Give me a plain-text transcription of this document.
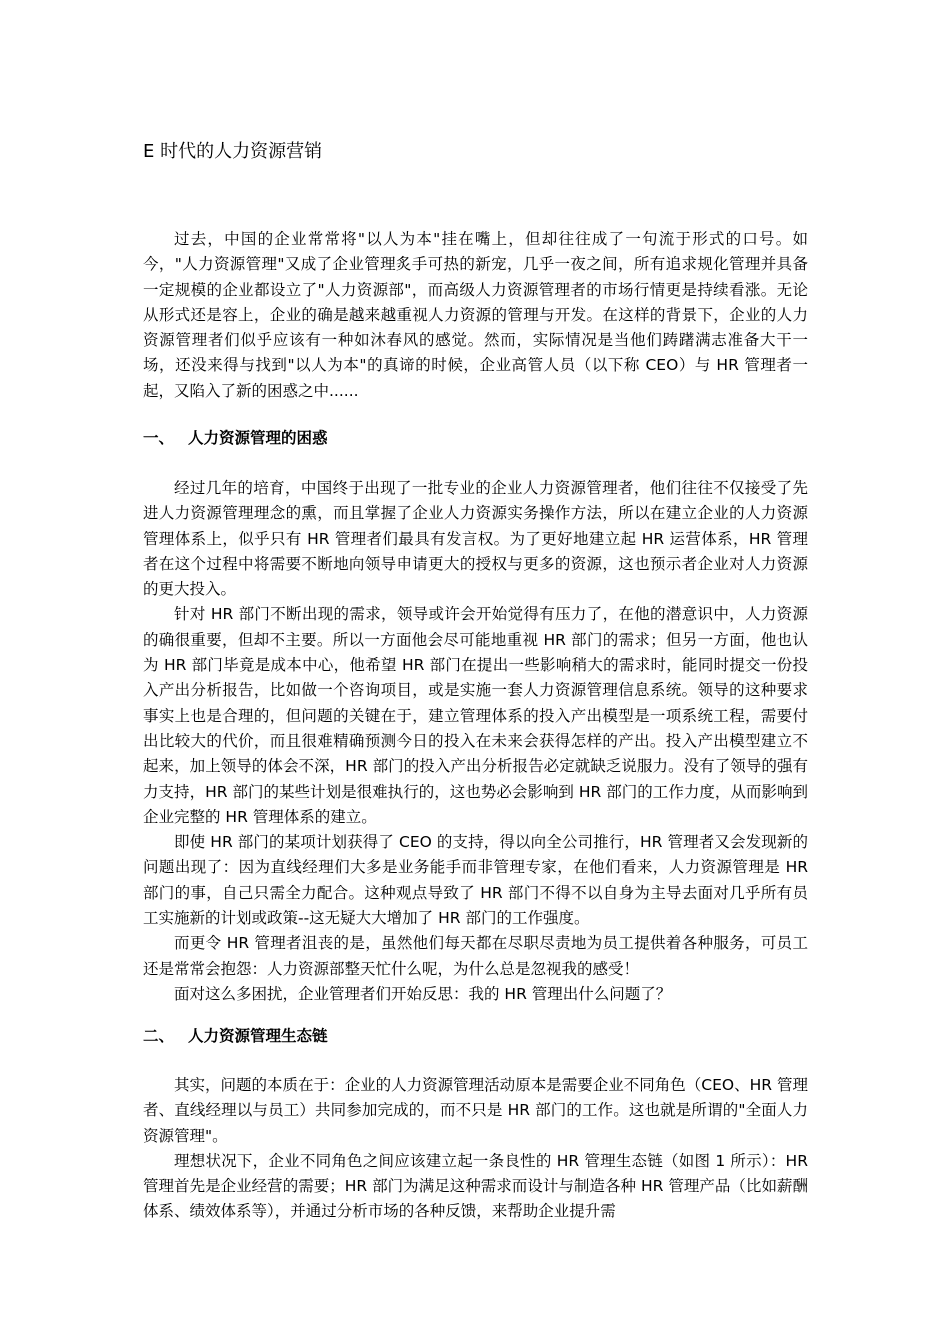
E 时代的人力资源营销

过去，中国的企业常常将"以人为本"挂在嘴上，但却往往成了一句流于形式的口号。如今，"人力资源管理"又成了企业管理炙手可热的新宠，几乎一夜之间，所有追求规化管理并具备一定规模的企业都设立了"人力资源部"，而高级人力资源管理者的市场行情更是持续看涨。无论从形式还是容上，企业的确是越来越重视人力资源的管理与开发。在这样的背景下，企业的人力资源管理者们似乎应该有一种如沐春风的感觉。然而，实际情况是当他们踌躇满志准备大干一场，还没来得与找到"以人为本"的真谛的时候，企业高管人员（以下称 CEO）与 HR 管理者一起，又陷入了新的困惑之中......

一、 人力资源管理的困惑

经过几年的培育，中国终于出现了一批专业的企业人力资源管理者，他们往往不仅接受了先进人力资源管理理念的熏，而且掌握了企业人力资源实务操作方法，所以在建立企业的人力资源管理体系上，似乎只有 HR 管理者们最具有发言权。为了更好地建立起 HR 运营体系，HR 管理者在这个过程中将需要不断地向领导申请更大的授权与更多的资源，这也预示者企业对人力资源的更大投入。

针对 HR 部门不断出现的需求，领导或许会开始觉得有压力了，在他的潜意识中，人力资源的确很重要，但却不主要。所以一方面他会尽可能地重视 HR 部门的需求；但另一方面，他也认为 HR 部门毕竟是成本中心，他希望 HR 部门在提出一些影响稍大的需求时，能同时提交一份投入产出分析报告，比如做一个咨询项目，或是实施一套人力资源管理信息系统。领导的这种要求事实上也是合理的，但问题的关键在于，建立管理体系的投入产出模型是一项系统工程，需要付出比较大的代价，而且很难精确预测今日的投入在未来会获得怎样的产出。投入产出模型建立不起来，加上领导的体会不深，HR 部门的投入产出分析报告必定就缺乏说服力。没有了领导的强有力支持，HR 部门的某些计划是很难执行的，这也势必会影响到 HR 部门的工作力度，从而影响到企业完整的 HR 管理体系的建立。

即使 HR 部门的某项计划获得了 CEO 的支持，得以向全公司推行，HR 管理者又会发现新的问题出现了：因为直线经理们大多是业务能手而非管理专家，在他们看来，人力资源管理是 HR 部门的事，自己只需全力配合。这种观点导致了 HR 部门不得不以自身为主导去面对几乎所有员工实施新的计划或政策--这无疑大大增加了 HR 部门的工作强度。

而更令 HR 管理者沮丧的是，虽然他们每天都在尽职尽责地为员工提供着各种服务，可员工还是常常会抱怨：人力资源部整天忙什么呢，为什么总是忽视我的感受！

面对这么多困扰，企业管理者们开始反思：我的 HR 管理出什么问题了？

二、 人力资源管理生态链

其实，问题的本质在于：企业的人力资源管理活动原本是需要企业不同角色（CEO、HR 管理者、直线经理以与员工）共同参加完成的，而不只是 HR 部门的工作。这也就是所谓的"全面人力资源管理"。

理想状况下，企业不同角色之间应该建立起一条良性的 HR 管理生态链（如图 1 所示）：HR 管理首先是企业经营的需要；HR 部门为满足这种需求而设计与制造各种 HR 管理产品（比如薪酬体系、绩效体系等），并通过分析市场的各种反馈，来帮助企业提升需
